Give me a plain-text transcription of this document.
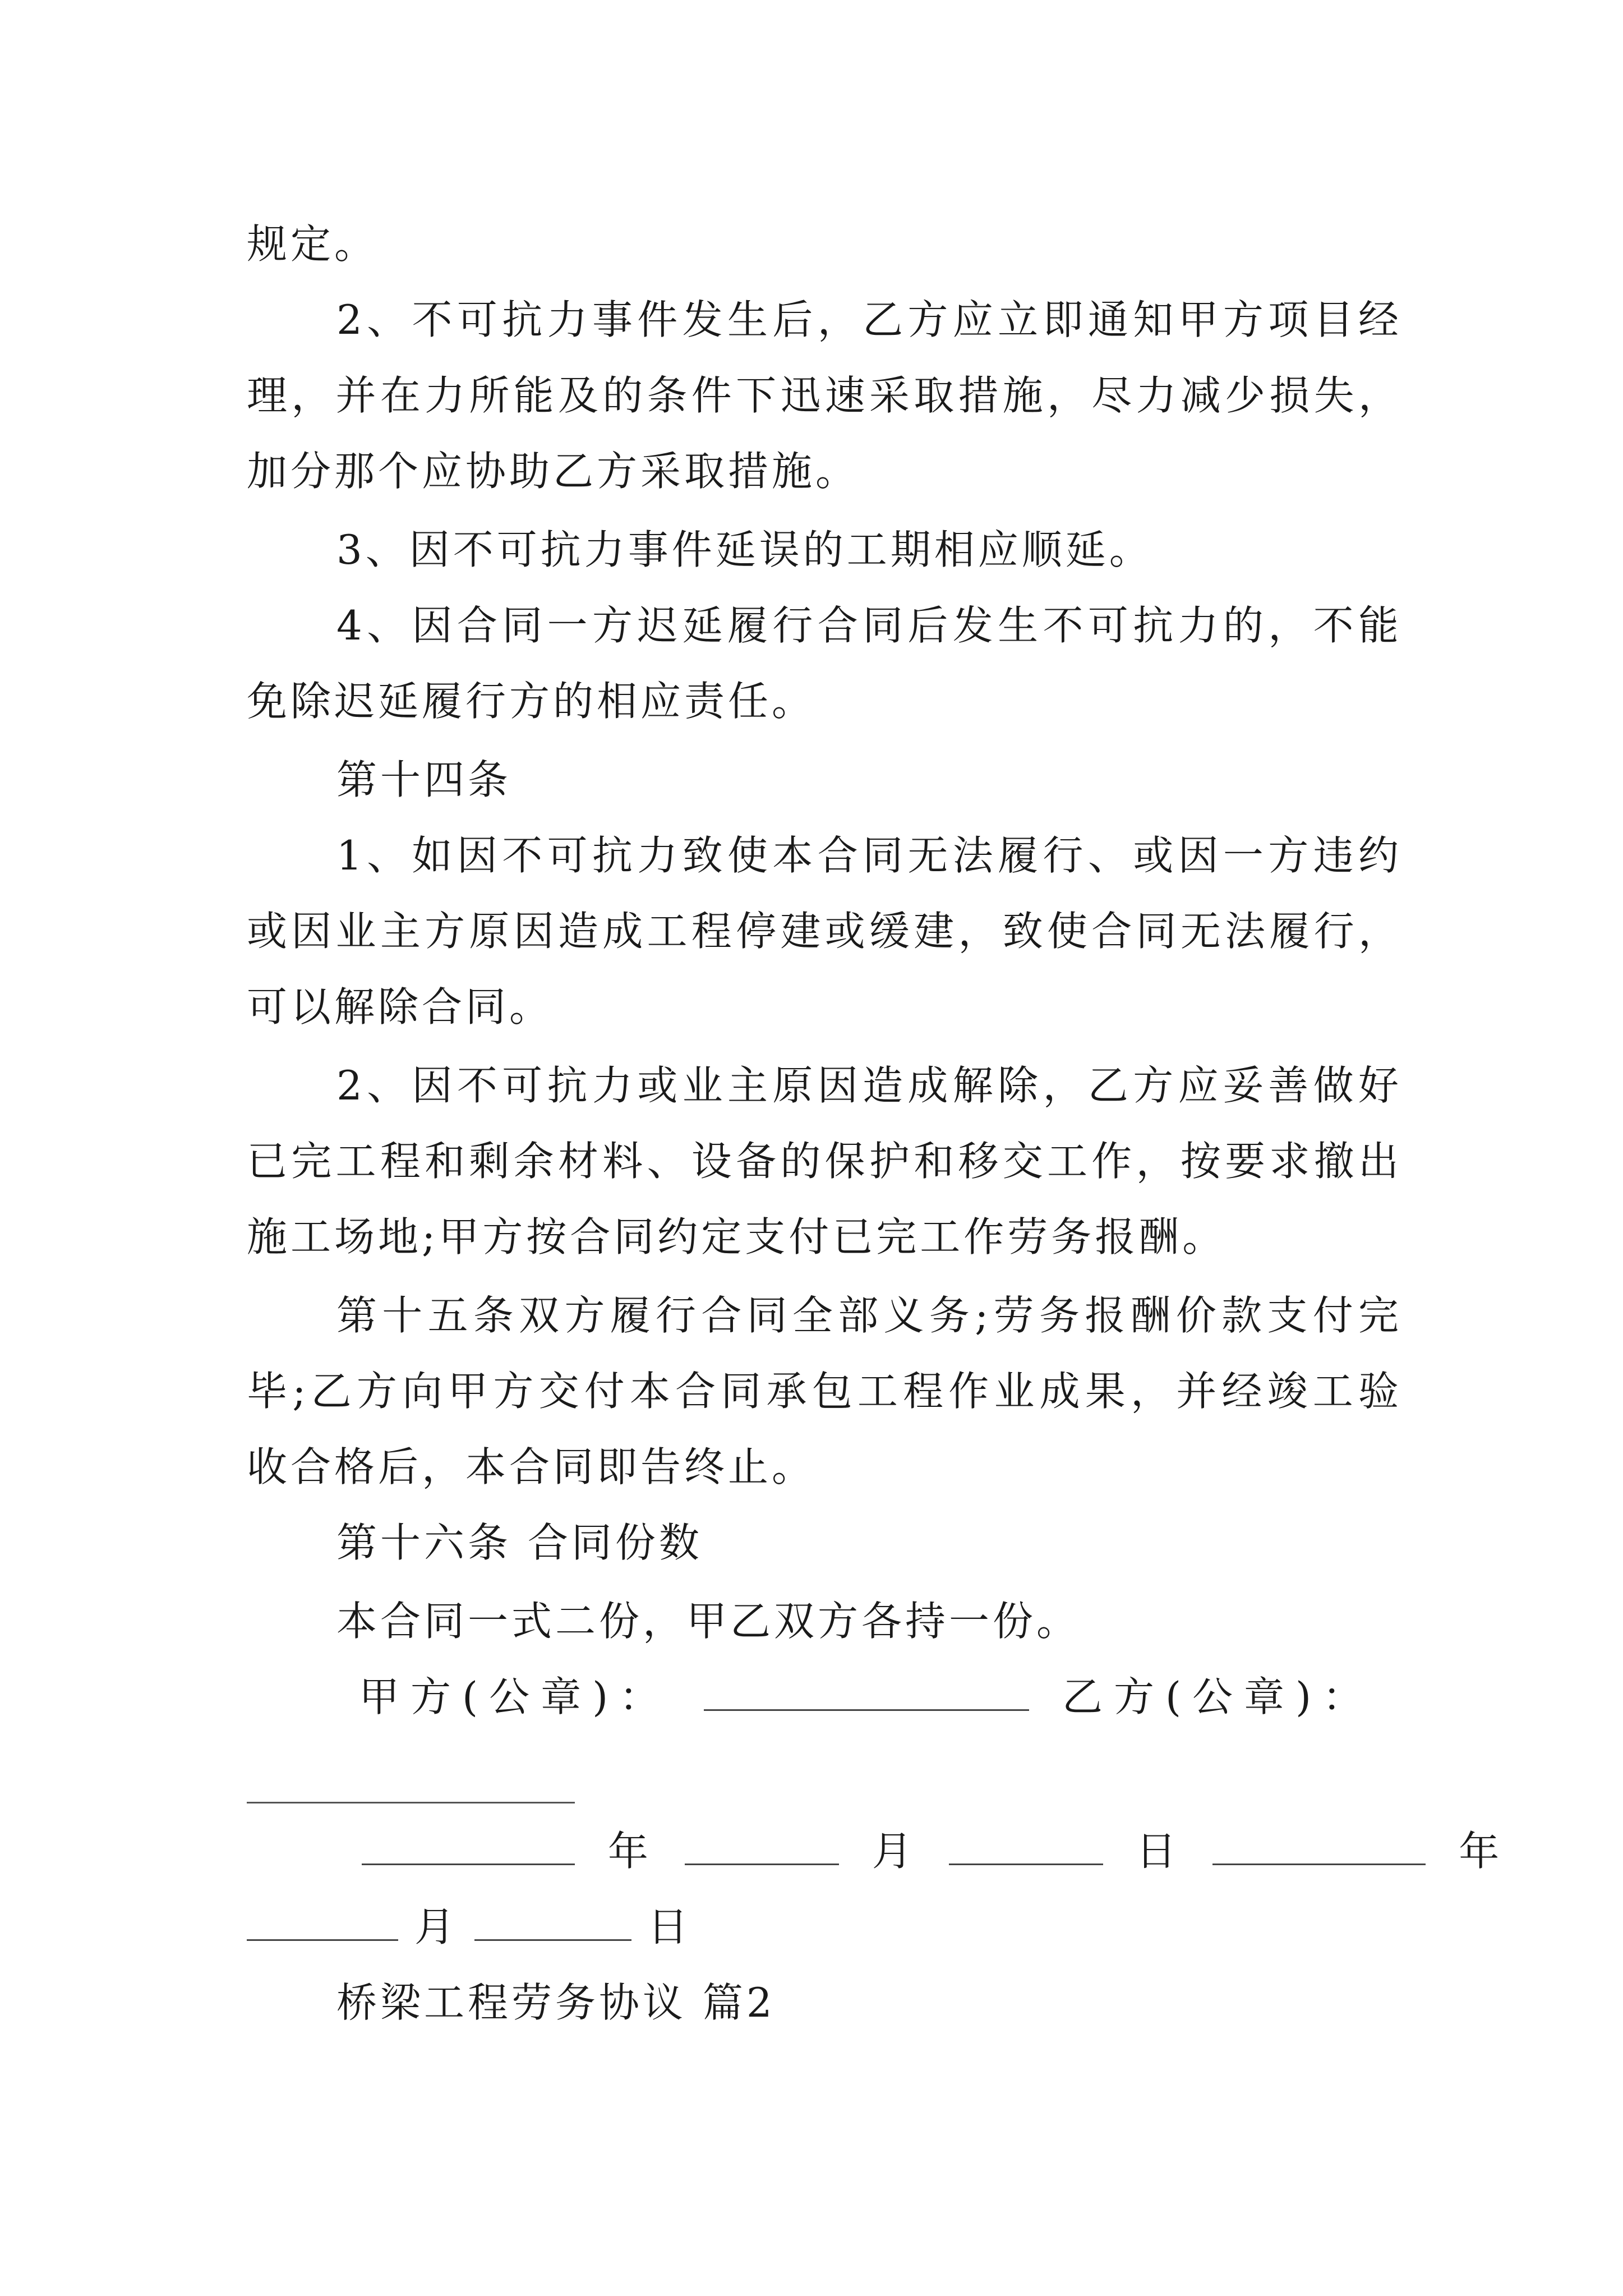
规定。
2、不可抗力事件发生后，乙方应立即通知甲方项目经
理，并在力所能及的条件下迅速采取措施，尽力减少损失，
加分那个应协助乙方采取措施。
3、因不可抗力事件延误的工期相应顺延。
4、因合同一方迟延履行合同后发生不可抗力的，不能
免除迟延履行方的相应责任。
第十四条
1、如因不可抗力致使本合同无法履行、或因一方违约
或因业主方原因造成工程停建或缓建，致使合同无法履行，
可以解除合同。
2、因不可抗力或业主原因造成解除，乙方应妥善做好
已完工程和剩余材料、设备的保护和移交工作，按要求撤出
施工场地;甲方按合同约定支付已完工作劳务报酬。
第十五条双方履行合同全部义务;劳务报酬价款支付完
毕;乙方向甲方交付本合同承包工程作业成果，并经竣工验
收合格后，本合同即告终止。
第十六条 合同份数
本合同一式二份，甲乙双方各持一份。
甲方(公章)：	乙方(公章)：
年	月	日	年
月	日
桥梁工程劳务协议 篇2
